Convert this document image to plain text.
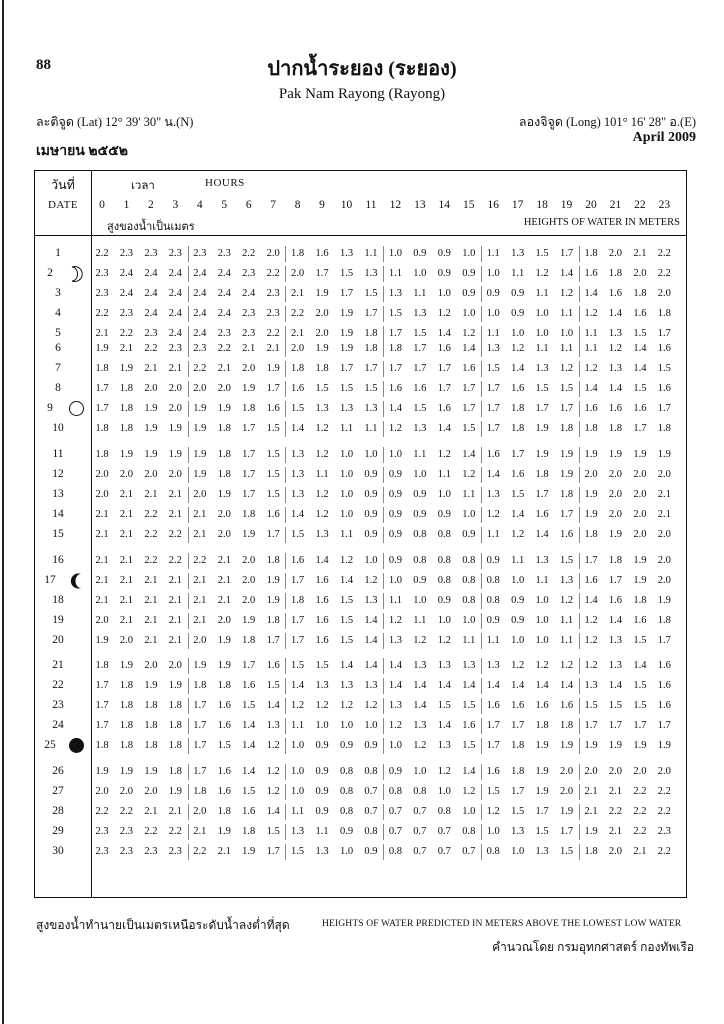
88	ปากน้ำระยอง (ระยอง)
Pak Nam Rayong (Rayong)
ละติจูด (Lat) 12° 39' 30" น.(N)	ลองจิจูด (Long) 101° 16' 28" อ.(E)
เมษายน ๒๕๕๒
April 2009
วันที่
DATE
เวลา	HOURS
0	1	2	3	4	5	6	7	8	9	10	11	12	13	14	15	16	17	18	19	20	21	22	23
สูงของน้ำเป็นเมตร	HEIGHTS OF WATER IN METERS
1	2.2	2.3	2.3	2.3	2.3	2.3	2.2	2.0	1.8	1.6	1.3	1.1	1.0	0.9	0.9	1.0	1.1	1.3	1.5	1.7	1.8	2.0	2.1	2.2
2	2.3	2.4	2.4	2.4	2.4	2.4	2.3	2.2	2.0	1.7	1.5	1.3	1.1	1.0	0.9	0.9	1.0	1.1	1.2	1.4	1.6	1.8	2.0	2.2
3	2.3	2.4	2.4	2.4	2.4	2.4	2.4	2.3	2.1	1.9	1.7	1.5	1.3	1.1	1.0	0.9	0.9	0.9	1.1	1.2	1.4	1.6	1.8	2.0
4	2.2	2.3	2.4	2.4	2.4	2.4	2.3	2.3	2.2	2.0	1.9	1.7	1.5	1.3	1.2	1.0	1.0	0.9	1.0	1.1	1.2	1.4	1.6	1.8
5	2.1	2.2	2.3	2.4	2.4	2.3	2.3	2.2	2.1	2.0	1.9	1.8	1.7	1.5	1.4	1.2	1.1	1.0	1.0	1.0	1.1	1.3	1.5	1.7
6	1.9	2.1	2.2	2.3	2.3	2.2	2.1	2.1	2.0	1.9	1.9	1.8	1.8	1.7	1.6	1.4	1.3	1.2	1.1	1.1	1.1	1.2	1.4	1.6
7	1.8	1.9	2.1	2.1	2.2	2.1	2.0	1.9	1.8	1.8	1.7	1.7	1.7	1.7	1.7	1.6	1.5	1.4	1.3	1.2	1.2	1.3	1.4	1.5
8	1.7	1.8	2.0	2.0	2.0	2.0	1.9	1.7	1.6	1.5	1.5	1.5	1.6	1.6	1.7	1.7	1.7	1.6	1.5	1.5	1.4	1.4	1.5	1.6
9	1.7	1.8	1.9	2.0	1.9	1.9	1.8	1.6	1.5	1.3	1.3	1.3	1.4	1.5	1.6	1.7	1.7	1.8	1.7	1.7	1.6	1.6	1.6	1.7
10	1.8	1.8	1.9	1.9	1.9	1.8	1.7	1.5	1.4	1.2	1.1	1.1	1.2	1.3	1.4	1.5	1.7	1.8	1.9	1.8	1.8	1.8	1.7	1.8
11	1.8	1.9	1.9	1.9	1.9	1.8	1.7	1.5	1.3	1.2	1.0	1.0	1.0	1.1	1.2	1.4	1.6	1.7	1.9	1.9	1.9	1.9	1.9	1.9
12	2.0	2.0	2.0	2.0	1.9	1.8	1.7	1.5	1.3	1.1	1.0	0.9	0.9	1.0	1.1	1.2	1.4	1.6	1.8	1.9	2.0	2.0	2.0	2.0
13	2.0	2.1	2.1	2.1	2.0	1.9	1.7	1.5	1.3	1.2	1.0	0.9	0.9	0.9	1.0	1.1	1.3	1.5	1.7	1.8	1.9	2.0	2.0	2.1
14	2.1	2.1	2.2	2.1	2.1	2.0	1.8	1.6	1.4	1.2	1.0	0.9	0.9	0.9	0.9	1.0	1.2	1.4	1.6	1.7	1.9	2.0	2.0	2.1
15	2.1	2.1	2.2	2.2	2.1	2.0	1.9	1.7	1.5	1.3	1.1	0.9	0.9	0.8	0.8	0.9	1.1	1.2	1.4	1.6	1.8	1.9	2.0	2.0
16	2.1	2.1	2.2	2.2	2.2	2.1	2.0	1.8	1.6	1.4	1.2	1.0	0.9	0.8	0.8	0.8	0.9	1.1	1.3	1.5	1.7	1.8	1.9	2.0
17	2.1	2.1	2.1	2.1	2.1	2.1	2.0	1.9	1.7	1.6	1.4	1.2	1.0	0.9	0.8	0.8	0.8	1.0	1.1	1.3	1.6	1.7	1.9	2.0
18	2.1	2.1	2.1	2.1	2.1	2.1	2.0	1.9	1.8	1.6	1.5	1.3	1.1	1.0	0.9	0.8	0.8	0.9	1.0	1.2	1.4	1.6	1.8	1.9
19	2.0	2.1	2.1	2.1	2.1	2.0	1.9	1.8	1.7	1.6	1.5	1.4	1.2	1.1	1.0	1.0	0.9	0.9	1.0	1.1	1.2	1.4	1.6	1.8
20	1.9	2.0	2.1	2.1	2.0	1.9	1.8	1.7	1.7	1.6	1.5	1.4	1.3	1.2	1.2	1.1	1.1	1.0	1.0	1.1	1.2	1.3	1.5	1.7
21	1.8	1.9	2.0	2.0	1.9	1.9	1.7	1.6	1.5	1.5	1.4	1.4	1.4	1.3	1.3	1.3	1.3	1.2	1.2	1.2	1.2	1.3	1.4	1.6
22	1.7	1.8	1.9	1.9	1.8	1.8	1.6	1.5	1.4	1.3	1.3	1.3	1.4	1.4	1.4	1.4	1.4	1.4	1.4	1.4	1.3	1.4	1.5	1.6
23	1.7	1.8	1.8	1.8	1.7	1.6	1.5	1.4	1.2	1.2	1.2	1.2	1.3	1.4	1.5	1.5	1.6	1.6	1.6	1.6	1.5	1.5	1.5	1.6
24	1.7	1.8	1.8	1.8	1.7	1.6	1.4	1.3	1.1	1.0	1.0	1.0	1.2	1.3	1.4	1.6	1.7	1.7	1.8	1.8	1.7	1.7	1.7	1.7
25	1.8	1.8	1.8	1.8	1.7	1.5	1.4	1.2	1.0	0.9	0.9	0.9	1.0	1.2	1.3	1.5	1.7	1.8	1.9	1.9	1.9	1.9	1.9	1.9
26	1.9	1.9	1.9	1.8	1.7	1.6	1.4	1.2	1.0	0.9	0.8	0.8	0.9	1.0	1.2	1.4	1.6	1.8	1.9	2.0	2.0	2.0	2.0	2.0
27	2.0	2.0	2.0	1.9	1.8	1.6	1.5	1.2	1.0	0.9	0.8	0.7	0.8	0.8	1.0	1.2	1.5	1.7	1.9	2.0	2.1	2.1	2.2	2.2
28	2.2	2.2	2.1	2.1	2.0	1.8	1.6	1.4	1.1	0.9	0.8	0.7	0.7	0.7	0.8	1.0	1.2	1.5	1.7	1.9	2.1	2.2	2.2	2.2
29	2.3	2.3	2.2	2.2	2.1	1.9	1.8	1.5	1.3	1.1	0.9	0.8	0.7	0.7	0.7	0.8	1.0	1.3	1.5	1.7	1.9	2.1	2.2	2.3
30	2.3	2.3	2.3	2.3	2.2	2.1	1.9	1.7	1.5	1.3	1.0	0.9	0.8	0.7	0.7	0.7	0.8	1.0	1.3	1.5	1.8	2.0	2.1	2.2
สูงของน้ำทำนายเป็นเมตรเหนือระดับน้ำลงต่ำที่สุด	HEIGHTS OF WATER PREDICTED IN METERS ABOVE THE LOWEST LOW WATER
คำนวณโดย กรมอุทกศาสตร์ กองทัพเรือ
